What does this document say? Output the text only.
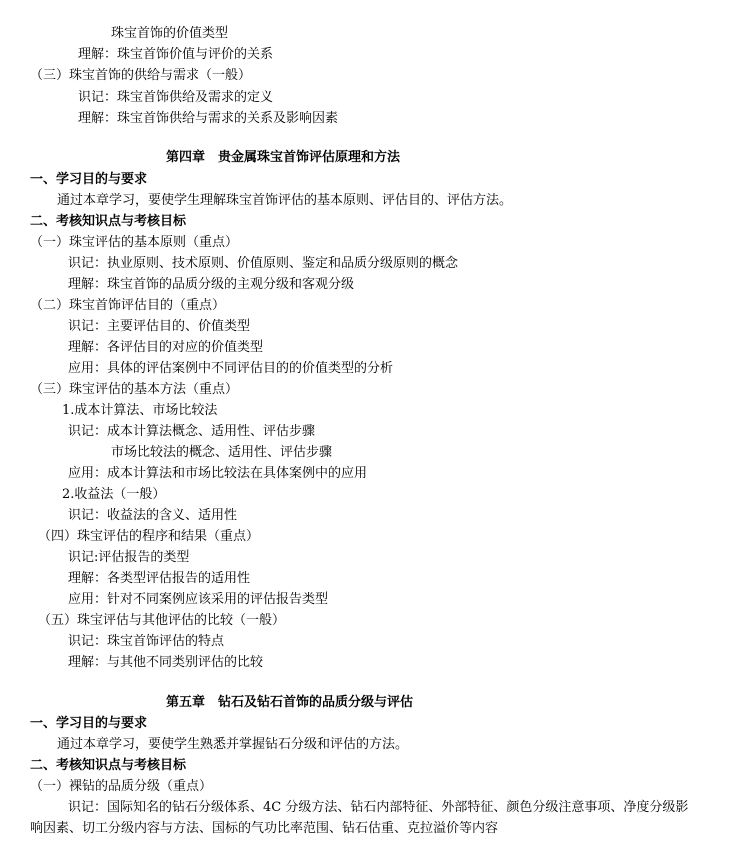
珠宝首饰的价值类型
理解：珠宝首饰价值与评价的关系
（三）珠宝首饰的供给与需求（一般）
识记：珠宝首饰供给及需求的定义
理解：珠宝首饰供给与需求的关系及影响因素
第四章　贵金属珠宝首饰评估原理和方法
一、学习目的与要求
通过本章学习，要使学生理解珠宝首饰评估的基本原则、评估目的、评估方法。
二、考核知识点与考核目标
（一）珠宝评估的基本原则（重点）
识记：执业原则、技术原则、价值原则、鉴定和品质分级原则的概念
理解：珠宝首饰的品质分级的主观分级和客观分级
（二）珠宝首饰评估目的（重点）
识记：主要评估目的、价值类型
理解：各评估目的对应的价值类型
应用：具体的评估案例中不同评估目的的价值类型的分析
（三）珠宝评估的基本方法（重点）
1.成本计算法、市场比较法
识记：成本计算法概念、适用性、评估步骤
市场比较法的概念、适用性、评估步骤
应用：成本计算法和市场比较法在具体案例中的应用
2.收益法（一般）
识记：收益法的含义、适用性
（四）珠宝评估的程序和结果（重点）
识记:评估报告的类型
理解：各类型评估报告的适用性
应用：针对不同案例应该采用的评估报告类型
（五）珠宝评估与其他评估的比较（一般）
识记：珠宝首饰评估的特点
理解：与其他不同类别评估的比较
第五章　钻石及钻石首饰的品质分级与评估
一、学习目的与要求
通过本章学习，要使学生熟悉并掌握钻石分级和评估的方法。
二、考核知识点与考核目标
（一）裸钻的品质分级（重点）
识记：国际知名的钻石分级体系、4C 分级方法、钻石内部特征、外部特征、颜色分级注意事项、净度分级影
响因素、切工分级内容与方法、国标的气功比率范围、钻石估重、克拉溢价等内容
